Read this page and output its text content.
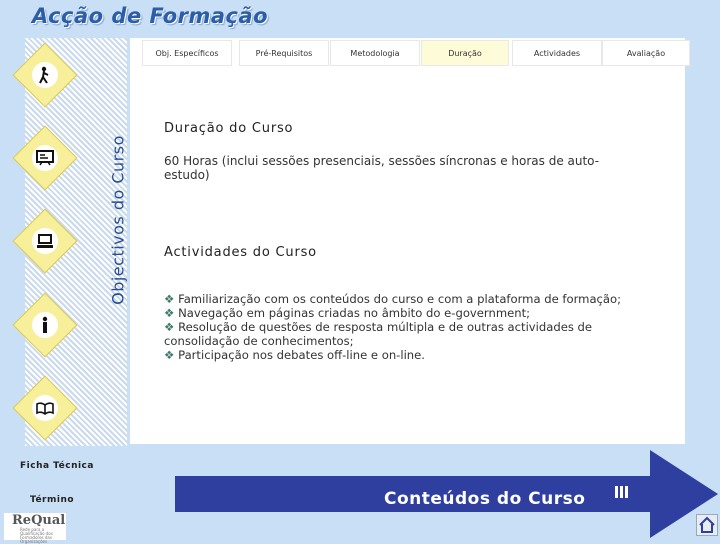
Acção de Formação
Obj. Específicos	Pré-Requisitos	Metodologia	Duração	Actividades	Avaliação
Objectivos do Curso
Duração do Curso
60 Horas (inclui sessões presenciais, sessões síncronas e horas de auto-
estudo)
Actividades do Curso
❖ Familiarização com os conteúdos do curso e com a plataforma de formação;
❖ Navegação em páginas criadas no âmbito do e-government;
❖ Resolução de questões de resposta múltipla e de outras actividades de
consolidação de conhecimentos;
❖ Participação nos debates off-line e on-line.
Conteúdos do Curso
Ficha Técnica
Término
ReQual
Rede para a Qualificação dos Formadores das Organizações
